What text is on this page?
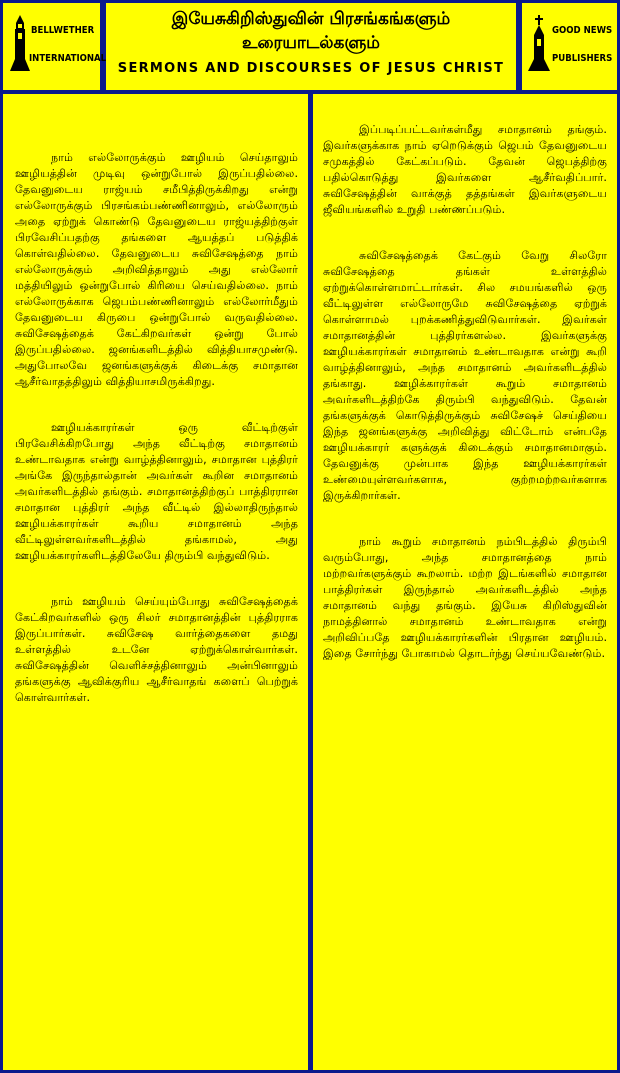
BELLWETHER
INTERNATIONAL
இயேசுகிறிஸ்துவின் பிரசங்கங்களும்
உரையாடல்களும்
SERMONS AND DISCOURSES OF JESUS CHRIST
GOOD NEWS
PUBLISHERS

நாம் எல்லோருக்கும் ஊழியம் செய்தாலும் ஊழியத்தின் முடிவு ஒன்றுபோல் இருப்பதில்லை. தேவனுடைய ராஜ்யம் சமீபித்திருக்கிறது என்று எல்லோருக்கும் பிரசங்கம்பண்ணினாலும், எல்லோரும் அதை ஏற்றுக் கொண்டு தேவனுடைய ராஜ்யத்திற்குள் பிரவேசிப்பதற்கு தங்களை ஆயத்தப் படுத்திக் கொள்வதில்லை. தேவனுடைய சுவிசேஷத்தை நாம் எல்லோருக்கும் அறிவித்தாலும் அது எல்லோர் மத்தியிலும் ஒன்றுபோல் கிரியை செய்வதில்லை. நாம் எல்லோருக்காக ஜெபம்பண்ணினாலும் எல்லோர்மீதும் தேவனுடைய கிருபை ஒன்றுபோல் வருவதில்லை. சுவிசேஷத்தைக் கேட்கிறவர்கள் ஒன்று போல் இருப்பதில்லை. ஜனங்களிடத்தில் வித்தியாசமுண்டு. அதுபோலவே ஜனங்களுக்குக் கிடைக்கு சமாதான ஆசீர்வாதத்திலும் வித்தியாசமிருக்கிறது.

ஊழியக்காரர்கள் ஒரு வீட்டிற்குள் பிரவேசிக்கிறபோது அந்த வீட்டிற்கு சமாதானம் உண்டாவதாக என்று வாழ்த்தினாலும், சமாதான புத்திரர் அங்கே இருந்தால்தான் அவர்கள் கூறின சமாதானம் அவர்களிடத்தில் தங்கும். சமாதானத்திற்குப் பாத்திரரான சமாதான புத்திரர் அந்த வீட்டில் இல்லாதிருந்தால் ஊழியக்காரர்கள் கூறிய சமாதானம் அந்த வீட்டிலுள்ளவர்களிடத்தில் தங்காமல், அது ஊழியக்காரர்களிடத்திலேயே திரும்பி வந்துவிடும்.

நாம் ஊழியம் செய்யும்போது சுவிசேஷத்தைக் கேட்கிறவர்களில் ஒரு சிலர் சமாதானத்தின் புத்திரராக இருப்பார்கள். சுவிசேஷ வார்த்தைகளை தமது உள்ளத்தில் உடனே ஏற்றுக்கொள்வார்கள். சுவிசேஷத்தின் வெளிச்சத்தினாலும் அன்பினாலும் தங்களுக்கு ஆவிக்குரிய ஆசீர்வாதங் களைப் பெற்றுக் கொள்வார்கள்.

இப்படிப்பட்டவர்கள்மீது சமாதானம் தங்கும். இவர்களுக்காக நாம் ஏறெடுக்கும் ஜெபம் தேவனுடைய சமுகத்தில் கேட்கப்படும். தேவன் ஜெபத்திற்கு பதில்கொடுத்து இவர்களை ஆசீர்வதிப்பார். சுவிசேஷத்தின் வாக்குத் தத்தங்கள் இவர்களுடைய ஜீவியங்களில் உறுதி பண்ணப்படும்.

சுவிசேஷத்தைக் கேட்கும் வேறு சிலரோ சுவிசேஷத்தை தங்கள் உள்ளத்தில் ஏற்றுக்கொள்ளமாட்டார்கள். சில சமயங்களில் ஒரு வீட்டிலுள்ள எல்லோருமே சுவிசேஷத்தை ஏற்றுக் கொள்ளாமல் புறக்கணித்துவிடுவார்கள். இவர்கள் சமாதானத்தின் புத்திரர்களல்ல. இவர்களுக்கு ஊழியக்காரர்கள் சமாதானம் உண்டாவதாக என்று கூறி வாழ்த்தினாலும், அந்த சமாதானம் அவர்களிடத்தில் தங்காது. ஊழிக்காரர்கள் கூறும் சமாதானம் அவர்களிடத்திற்கே திரும்பி வந்துவிடும். தேவன் தங்களுக்குக் கொடுத்திருக்கும் சுவிசேஷச் செய்தியை இந்த ஜனங்களுக்கு அறிவித்து விட்டோம் என்பதே ஊழியக்காரர் களுக்குக் கிடைக்கும் சமாதானமாகும். தேவனுக்கு முன்பாக இந்த ஊழியக்காரர்கள் உண்மையுள்ளவர்களாக, குற்றமற்றவர்களாக இருக்கிறார்கள்.

நாம் கூறும் சமாதானம் நம்பிடத்தில் திரும்பி வரும்போது, அந்த சமாதானத்தை நாம் மற்றவர்களுக்கும் கூறலாம். மற்ற இடங்களில் சமாதான பாத்திரர்கள் இருந்தால் அவர்களிடத்தில் அந்த சமாதானம் வந்து தங்கும். இயேசு கிறிஸ்துவின் நாமத்தினால் சமாதானம் உண்டாவதாக என்று அறிவிப்பதே ஊழியக்காரர்களின் பிரதான ஊழியம். இதை சோர்ந்து போகாமல் தொடர்ந்து செய்யவேண்டும்.
